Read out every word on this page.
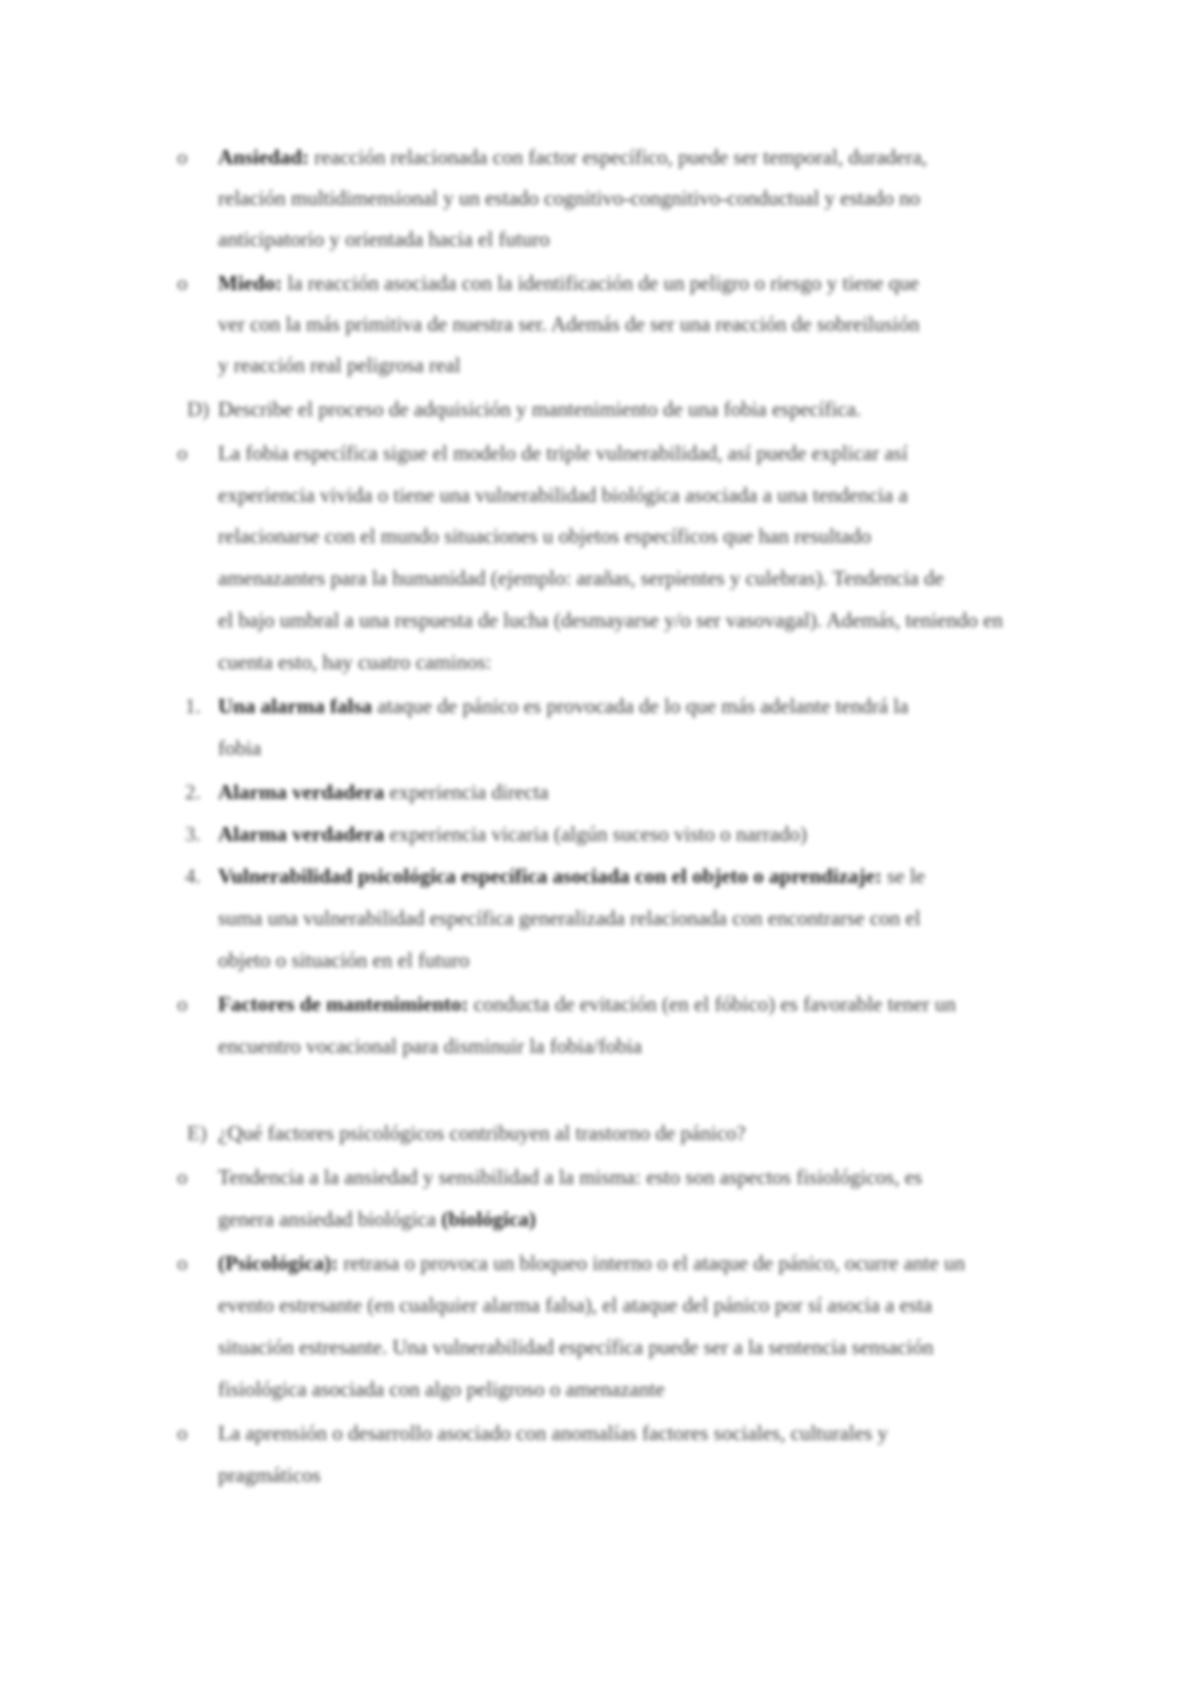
o Ansiedad: reacción relacionada con factor específico, puede ser temporal, duradera,
relación multidimensional y un estado cognitivo-congnitivo-conductual y estado no
anticipatorio y orientada hacia el futuro
o Miedo: la reacción asociada con la identificación de un peligro o riesgo y tiene que
ver con la más primitiva de nuestra ser. Además de ser una reacción de sobreilusión
y reacción real peligrosa real
D) Describe el proceso de adquisición y mantenimiento de una fobia específica.
o La fobia específica sigue el modelo de triple vulnerabilidad, así puede explicar así
experiencia vivida o tiene una vulnerabilidad biológica asociada a una tendencia a
relacionarse con el mundo situaciones u objetos específicos que han resultado
amenazantes para la humanidad (ejemplo: arañas, serpientes y culebras). Tendencia de
el bajo umbral a una respuesta de lucha (desmayarse y/o ser vasovagal). Además, teniendo en
cuenta esto, hay cuatro caminos:
1. Una alarma falsa ataque de pánico es provocada de lo que más adelante tendrá la
fobia
2. Alarma verdadera experiencia directa
3. Alarma verdadera experiencia vicaria (algún suceso visto o narrado)
4. Vulnerabilidad psicológica específica asociada con el objeto o aprendizaje: se le
suma una vulnerabilidad específica generalizada relacionada con encontrarse con el
objeto o situación en el futuro
o Factores de mantenimiento: conducta de evitación (en el fóbico) es favorable tener un
encuentro vocacional para disminuir la fobia/fobia
E) ¿Qué factores psicológicos contribuyen al trastorno de pánico?
o Tendencia a la ansiedad y sensibilidad a la misma: esto son aspectos fisiológicos, es
genera ansiedad biológica (biológica)
o (Psicológica): retrasa o provoca un bloqueo interno o el ataque de pánico, ocurre ante un
evento estresante (en cualquier alarma falsa), el ataque del pánico por sí asocia a esta
situación estresante. Una vulnerabilidad específica puede ser a la sentencia sensación
fisiológica asociada con algo peligroso o amenazante
o La aprensión o desarrollo asociado con anomalías factores sociales, culturales y
pragmáticos
